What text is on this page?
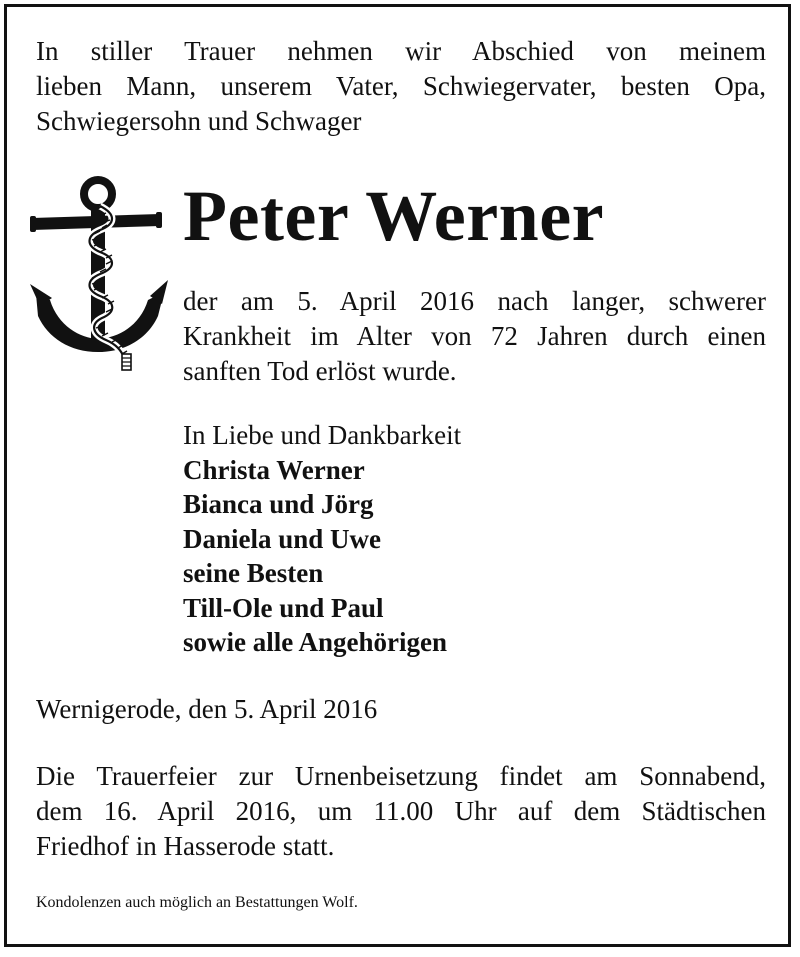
In stiller Trauer nehmen wir Abschied von meinem
lieben Mann, unserem Vater, Schwiegervater, besten Opa,
Schwiegersohn und Schwager
Peter Werner
der am 5. April 2016 nach langer, schwerer
Krankheit im Alter von 72 Jahren durch einen
sanften Tod erlöst wurde.
In Liebe und Dankbarkeit
Christa Werner
Bianca und Jörg
Daniela und Uwe
seine Besten
Till-Ole und Paul
sowie alle Angehörigen
Wernigerode, den 5. April 2016
Die Trauerfeier zur Urnenbeisetzung findet am Sonnabend,
dem 16. April 2016, um 11.00 Uhr auf dem Städtischen
Friedhof in Hasserode statt.
Kondolenzen auch möglich an Bestattungen Wolf.
